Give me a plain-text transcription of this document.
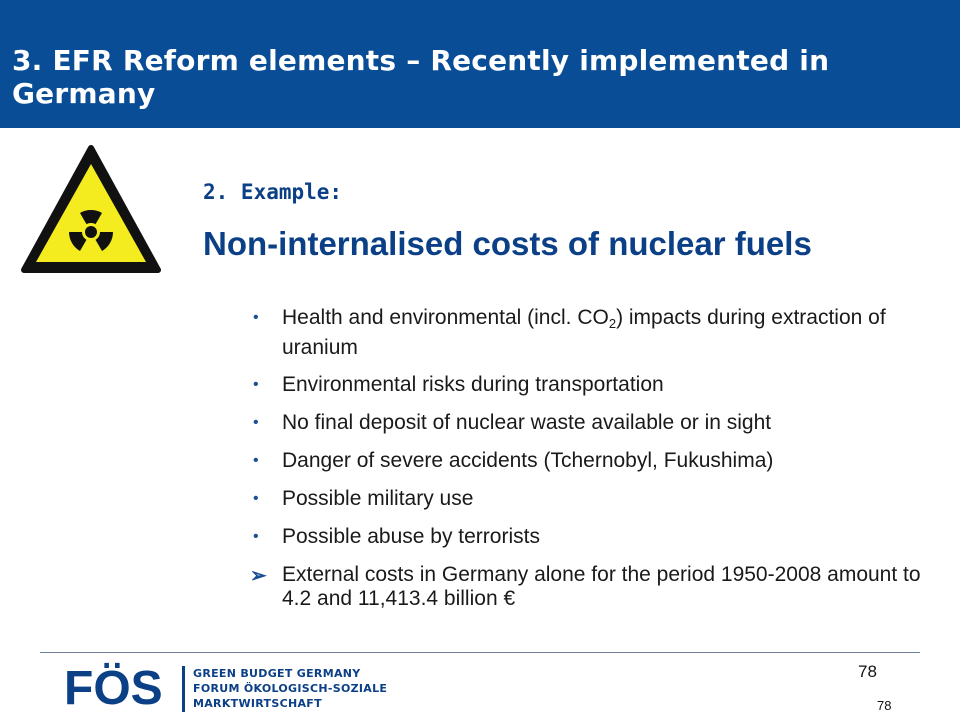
3. EFR Reform elements – Recently implemented in Germany
2. Example:
Non-internalised costs of nuclear fuels
• Health and environmental (incl. CO2) impacts during extraction of uranium
• Environmental risks during transportation
• No final deposit of nuclear waste available or in sight
• Danger of severe accidents (Tchernobyl, Fukushima)
• Possible military use
• Possible abuse by terrorists
➢ External costs in Germany alone for the period 1950-2008 amount to 4.2 and 11,413.4 billion €
FÖS	GREEN BUDGET GERMANY
FORUM ÖKOLOGISCH-SOZIALE
MARKTWIRTSCHAFT
78
78
